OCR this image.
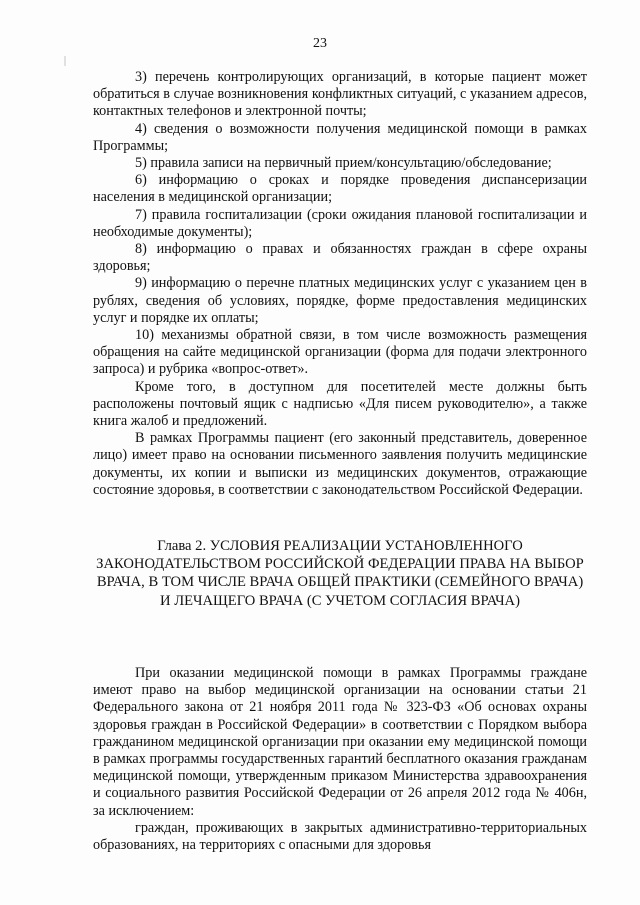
23

3) перечень контролирующих организаций, в которые пациент может обратиться в случае возникновения конфликтных ситуаций, с указанием адресов, контактных телефонов и электронной почты;

4) сведения о возможности получения медицинской помощи в рамках Программы;

5) правила записи на первичный прием/консультацию/обследование;

6) информацию о сроках и порядке проведения диспансеризации населения в медицинской организации;

7) правила госпитализации (сроки ожидания плановой госпитализации и необходимые документы);

8) информацию о правах и обязанностях граждан в сфере охраны здоровья;

9) информацию о перечне платных медицинских услуг с указанием цен в рублях, сведения об условиях, порядке, форме предоставления медицинских услуг и порядке их оплаты;

10) механизмы обратной связи, в том числе возможность размещения обращения на сайте медицинской организации (форма для подачи электронного запроса) и рубрика «вопрос-ответ».

Кроме того, в доступном для посетителей месте должны быть расположены почтовый ящик с надписью «Для писем руководителю», а также книга жалоб и предложений.

В рамках Программы пациент (его законный представитель, доверенное лицо) имеет право на основании письменного заявления получить медицинские документы, их копии и выписки из медицинских документов, отражающие состояние здоровья, в соответствии с законодательством Российской Федерации.

Глава 2. УСЛОВИЯ РЕАЛИЗАЦИИ УСТАНОВЛЕННОГО ЗАКОНОДАТЕЛЬСТВОМ РОССИЙСКОЙ ФЕДЕРАЦИИ ПРАВА НА ВЫБОР ВРАЧА, В ТОМ ЧИСЛЕ ВРАЧА ОБЩЕЙ ПРАКТИКИ (СЕМЕЙНОГО ВРАЧА) И ЛЕЧАЩЕГО ВРАЧА (С УЧЕТОМ СОГЛАСИЯ ВРАЧА)

При оказании медицинской помощи в рамках Программы граждане имеют право на выбор медицинской организации на основании статьи 21 Федерального закона от 21 ноября 2011 года № 323-ФЗ «Об основах охраны здоровья граждан в Российской Федерации» в соответствии с Порядком выбора гражданином медицинской организации при оказании ему медицинской помощи в рамках программы государственных гарантий бесплатного оказания гражданам медицинской помощи, утвержденным приказом Министерства здравоохранения и социального развития Российской Федерации от 26 апреля 2012 года № 406н, за исключением:

граждан, проживающих в закрытых административно-территориальных образованиях, на территориях с опасными для здоровья
